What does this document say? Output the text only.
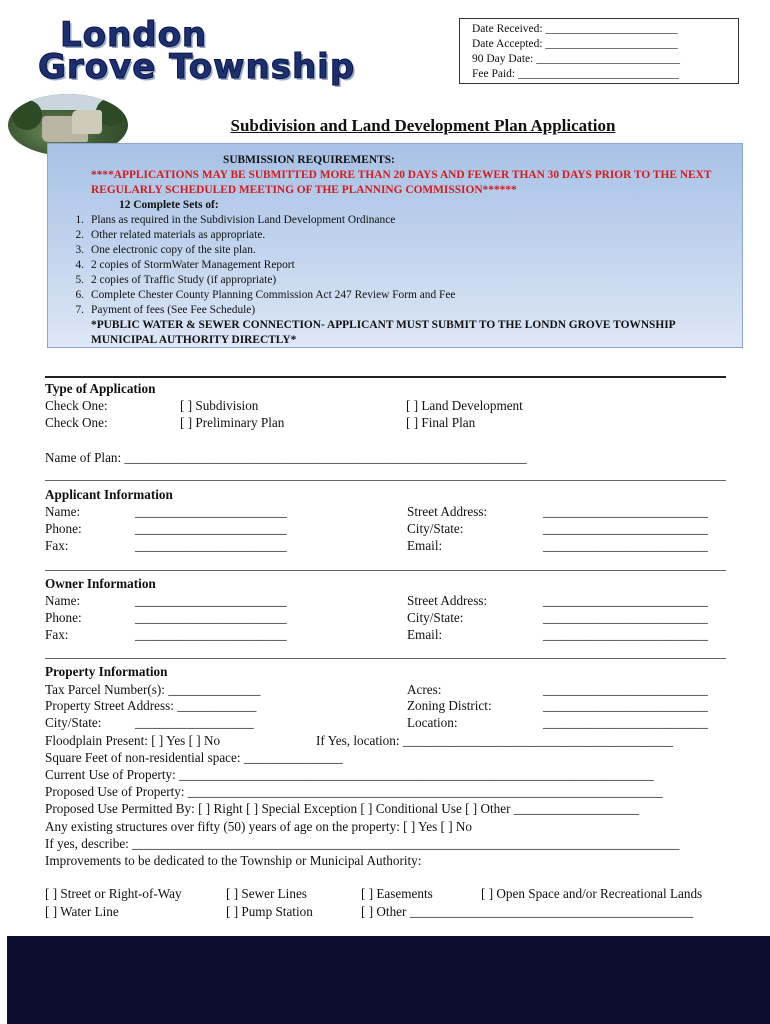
London
Grove Township
Date Received: _______________________
Date Accepted: _______________________
90 Day Date: _________________________
Fee Paid: ____________________________
Subdivision and Land Development Plan Application
SUBMISSION REQUIREMENTS:
****APPLICATIONS MAY BE SUBMITTED MORE THAN 20 DAYS AND FEWER THAN 30 DAYS PRIOR TO THE NEXT REGULARLY SCHEDULED MEETING OF THE PLANNING COMMISSION******
12 Complete Sets of:
1. Plans as required in the Subdivision Land Development Ordinance
2. Other related materials as appropriate.
3. One electronic copy of the site plan.
4. 2 copies of StormWater Management Report
5. 2 copies of Traffic Study (if appropriate)
6. Complete Chester County Planning Commission Act 247 Review Form and Fee
7. Payment of fees (See Fee Schedule)
*PUBLIC WATER & SEWER CONNECTION- APPLICANT MUST SUBMIT TO THE LONDN GROVE TOWNSHIP MUNICIPAL AUTHORITY DIRECTLY*
Type of Application
Check One:
Check One:
[ ] Subdivision
[ ] Preliminary Plan
[ ] Land Development
[ ] Final Plan
Name of Plan: _____________________________________________________________
Applicant Information
Name:
Phone:
Fax:
_______________________
_______________________
_______________________
Street Address:
City/State:
Email:
_________________________
_________________________
_________________________
Owner Information
Name:
Phone:
Fax:
_______________________
_______________________
_______________________
Street Address:
City/State:
Email:
_________________________
_________________________
_________________________
Property Information
Tax Parcel Number(s): ______________
Property Street Address: ____________
City/State:	__________________
Acres:
Zoning District:
Location:
_________________________
_________________________
_________________________
Floodplain Present: [ ] Yes [ ] No	If Yes, location: _________________________________________
Square Feet of non-residential space: _______________
Current Use of Property: ________________________________________________________________________
Proposed Use of Property: ________________________________________________________________________
Proposed Use Permitted By: [ ] Right [ ] Special Exception [ ] Conditional Use [ ] Other ___________________
Any existing structures over fifty (50) years of age on the property: [ ] Yes [ ] No
If yes, describe: ___________________________________________________________________________________
Improvements to be dedicated to the Township or Municipal Authority:
[ ] Street or Right-of-Way
[ ] Water Line
[ ] Sewer Lines
[ ] Pump Station
[ ] Easements
[ ] Other ___________________________________________
[ ] Open Space and/or Recreational Lands
